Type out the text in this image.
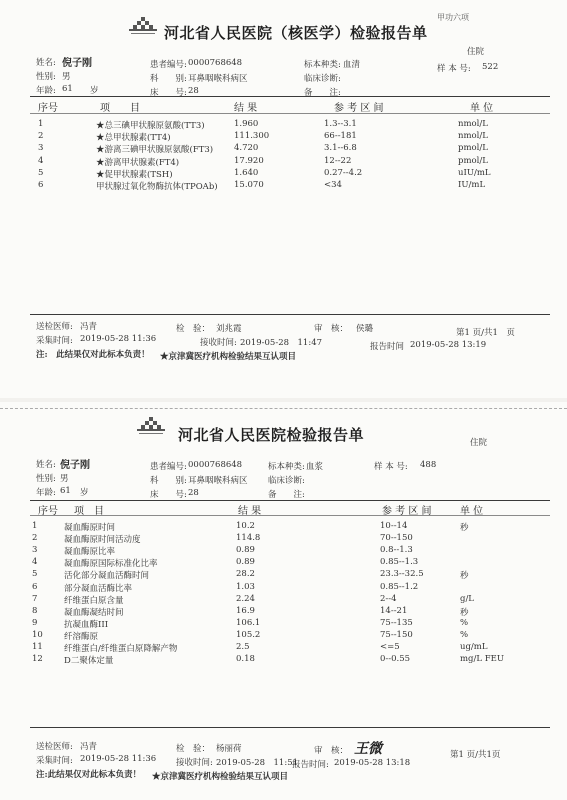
甲功六项
河北省人民医院（核医学）检验报告单
住院
姓名: 倪子刚	患者编号: 0000768648	标本种类: 血清	样 本 号: 522
性别: 男	科　　别: 耳鼻咽喉科病区	临床诊断:
年龄: 61 岁	床　　号: 28	备　　注:
序号	项　　目	结 果	参 考 区 间	单 位
1	★总三碘甲状腺原氨酸(TT3)	1.960	1.3--3.1	nmol/L
2	★总甲状腺素(TT4)	111.300	66--181	nmol/L
3	★游离三碘甲状腺原氨酸(FT3) 4.720	3.1--6.8	pmol/L
4	★游离甲状腺素(FT4)	17.920	12--22	pmol/L
5	★促甲状腺素(TSH)	1.640	0.27--4.2	uIU/mL
6	甲状腺过氧化物酶抗体(TPOAb) 15.070	<34	IU/mL
送检医师: 冯青	检　验： 刘兆霞	审　核： 侯璐	第1 页/共1　页
采集时间: 2019-05-28 11:36	接收时间: 2019-05-28　11:47	报告时间 2019-05-28 13:19
注:　此结果仅对此标本负责！ ★京津冀医疗机构检验结果互认项目
河北省人民医院检验报告单	住院
姓名: 倪子刚	患者编号: 0000768648	标本种类: 血浆	样 本 号: 488
性别: 男	科　　别: 耳鼻咽喉科病区 临床诊断:
年龄: 61 岁	床　　号: 28	备　　注:
序号 项　目	结 果	参 考 区 间	单 位
1	凝血酶原时间	10.2	10--14	秒
2	凝血酶原时间活动度	114.8	70--150
3	凝血酶原比率	0.89	0.8--1.3
4	凝血酶原国际标准化比率	0.89	0.85--1.3
5	活化部分凝血活酶时间	28.2	23.3--32.5	秒
6	部分凝血活酶比率	1.03	0.85--1.2
7	纤维蛋白原含量	2.24	2--4	g/L
8	凝血酶凝结时间	16.9	14--21	秒
9	抗凝血酶III	106.1	75--135	%
10 纤溶酶原	105.2	75--150	%
11 纤维蛋白/纤维蛋白原降解产物	2.5	<=5	ug/mL
12 D二聚体定量	0.18	0--0.55	mg/L FEU
送检医师: 冯青	检　验： 杨丽荷	审　核： 王微	第1 页/共1页
采集时间: 2019-05-28 11:36 接收时间: 2019-05-28　11:51
报告时间: 2019-05-28 13:18
注:此结果仅对此标本负责！ ★京津冀医疗机构检验结果互认项目
